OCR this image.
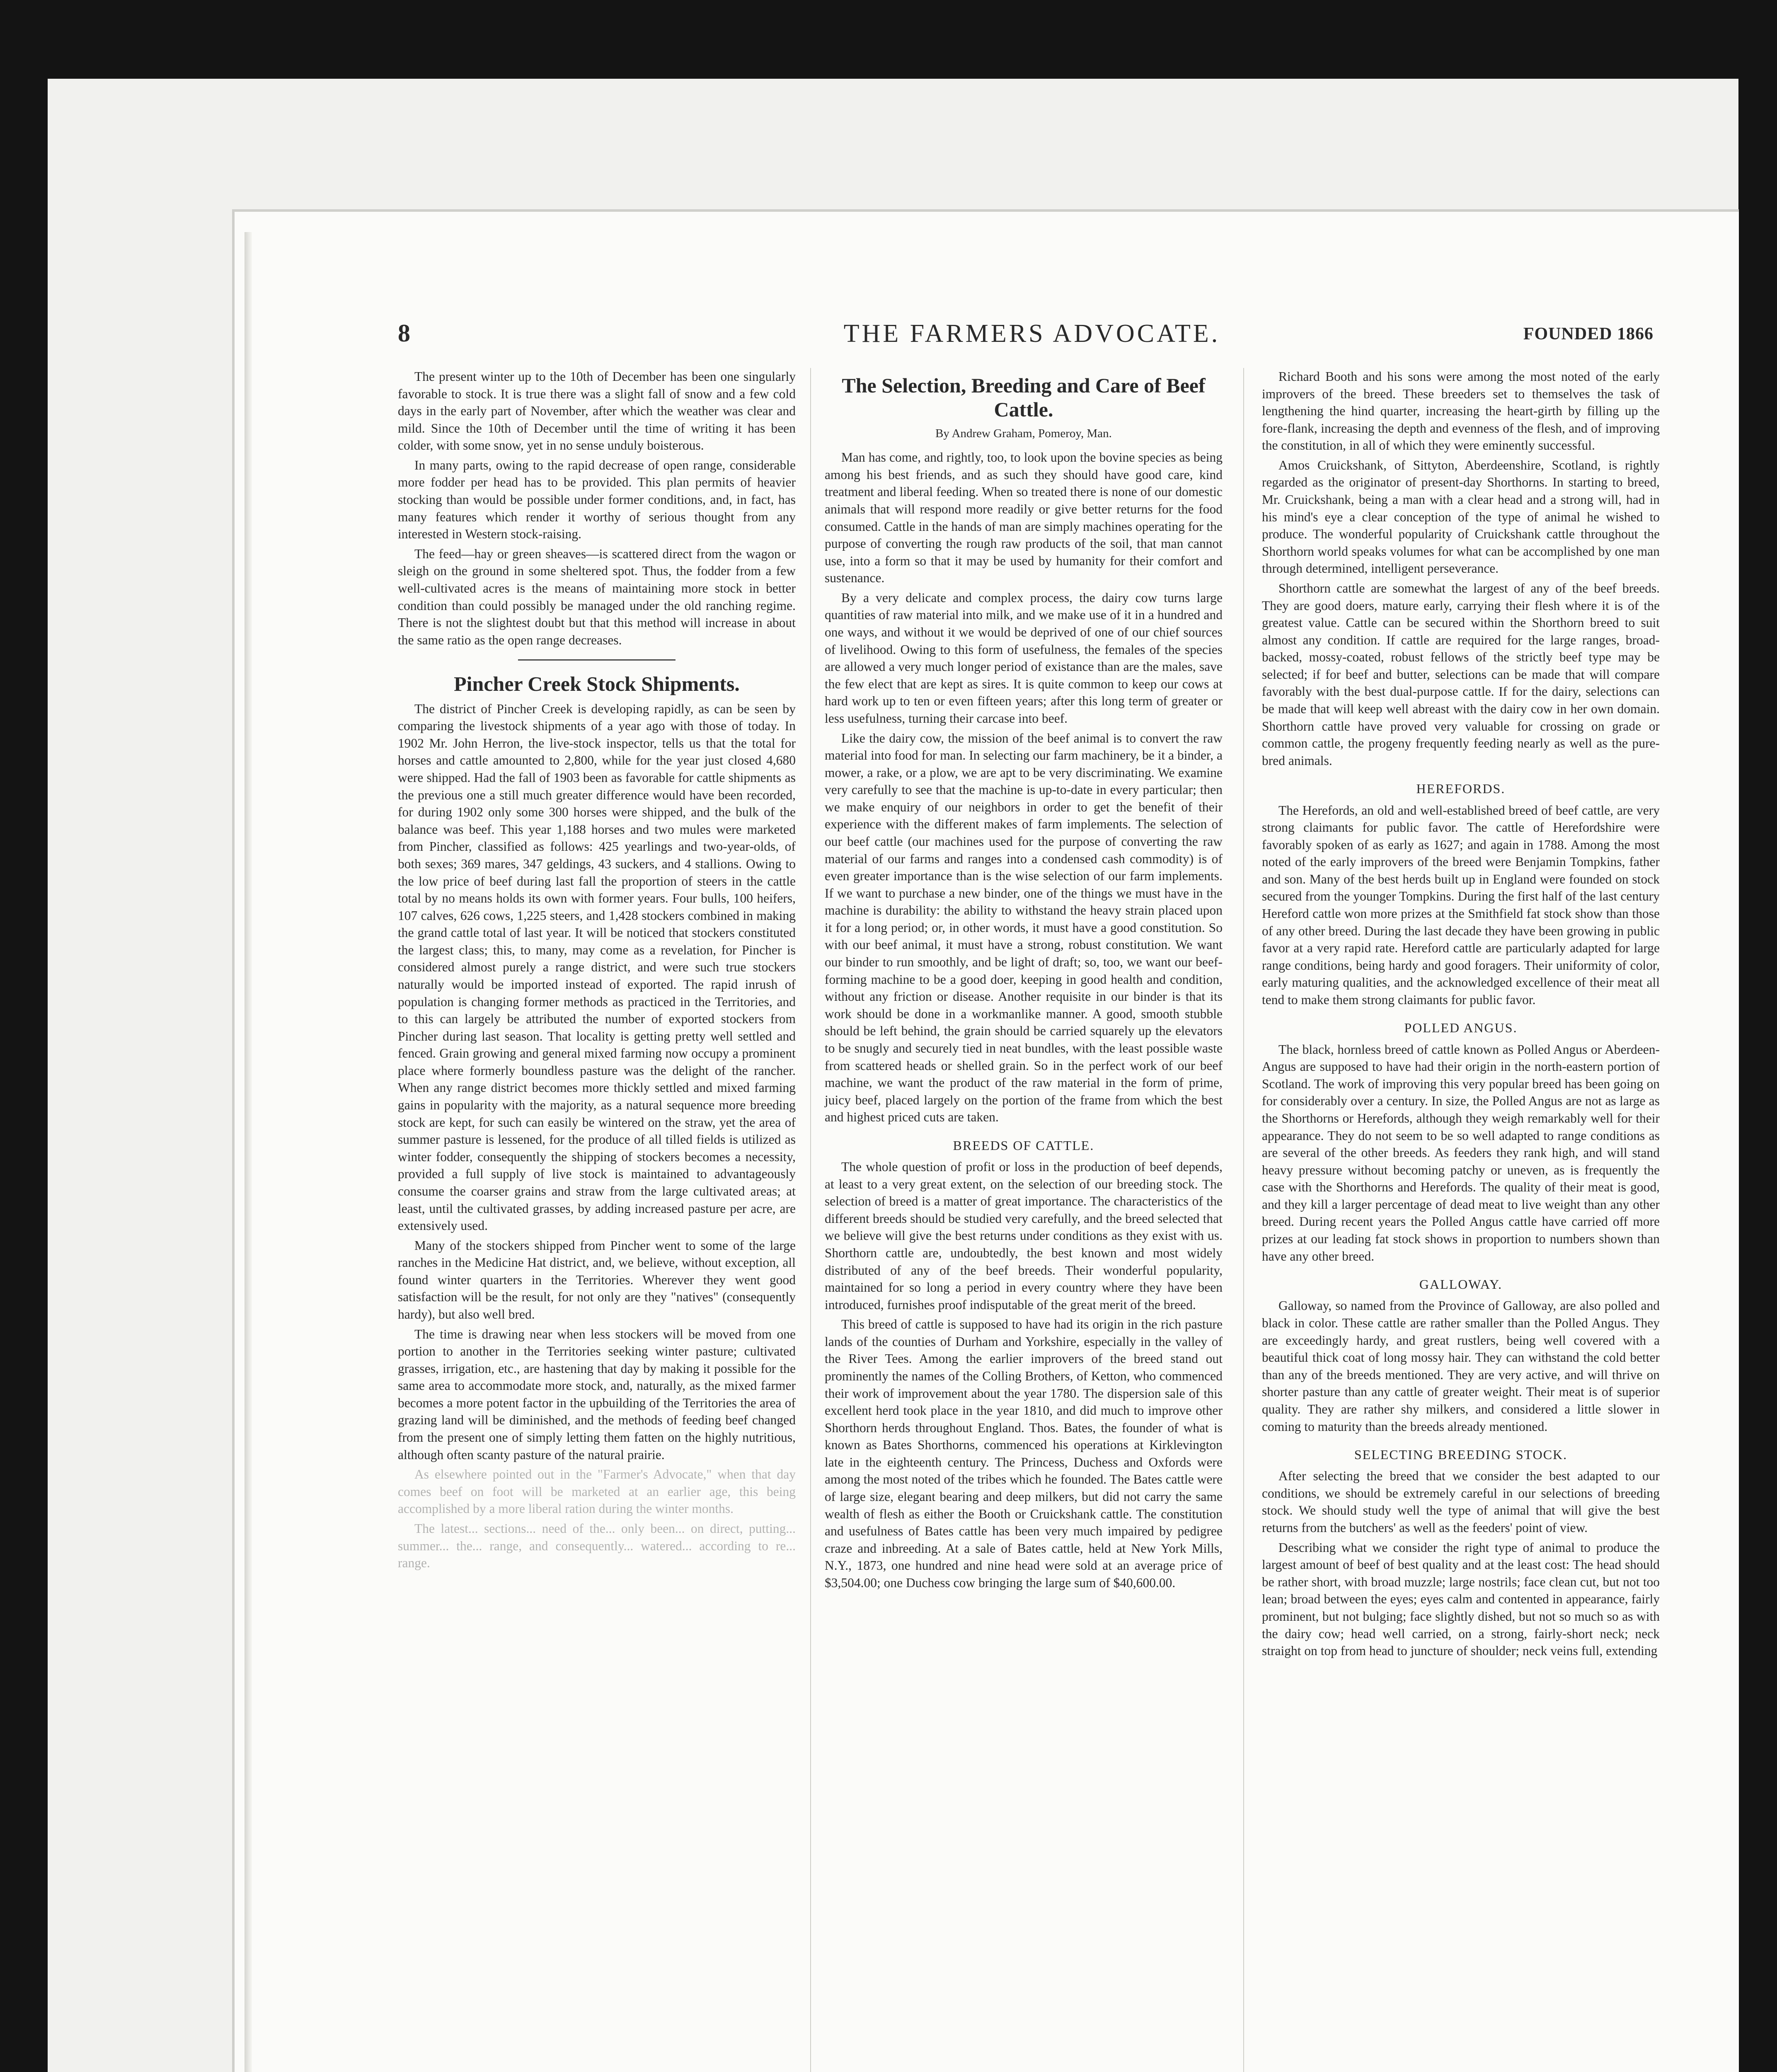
8	THE FARMERS ADVOCATE.	FOUNDED 1866

The present winter up to the 10th of December has been one singularly favorable to stock. It is true there was a slight fall of snow and a few cold days in the early part of November, after which the weather was clear and mild. Since the 10th of December until the time of writing it has been colder, with some snow, yet in no sense unduly boisterous.

In many parts, owing to the rapid decrease of open range, considerable more fodder per head has to be provided. This plan permits of heavier stocking than would be possible under former conditions, and, in fact, has many features which render it worthy of serious thought from any interested in Western stock-raising.

The feed—hay or green sheaves—is scattered direct from the wagon or sleigh on the ground in some sheltered spot. Thus, the fodder from a few well-cultivated acres is the means of maintaining more stock in better condition than could possibly be managed under the old ranching regime. There is not the slightest doubt but that this method will increase in about the same ratio as the open range decreases.

Pincher Creek Stock Shipments.

The district of Pincher Creek is developing rapidly, as can be seen by comparing the livestock shipments of a year ago with those of today. In 1902 Mr. John Herron, the live-stock inspector, tells us that the total for horses and cattle amounted to 2,800, while for the year just closed 4,680 were shipped. Had the fall of 1903 been as favorable for cattle shipments as the previous one a still much greater difference would have been recorded, for during 1902 only some 300 horses were shipped, and the bulk of the balance was beef. This year 1,188 horses and two mules were marketed from Pincher, classified as follows: 425 yearlings and two-year-olds, of both sexes; 369 mares, 347 geldings, 43 suckers, and 4 stallions. Owing to the low price of beef during last fall the proportion of steers in the cattle total by no means holds its own with former years. Four bulls, 100 heifers, 107 calves, 626 cows, 1,225 steers, and 1,428 stockers combined in making the grand cattle total of last year. It will be noticed that stockers constituted the largest class; this, to many, may come as a revelation, for Pincher is considered almost purely a range district, and were such true stockers naturally would be imported instead of exported. The rapid inrush of population is changing former methods as practiced in the Territories, and to this can largely be attributed the number of exported stockers from Pincher during last season. That locality is getting pretty well settled and fenced. Grain growing and general mixed farming now occupy a prominent place where formerly boundless pasture was the delight of the rancher. When any range district becomes more thickly settled and mixed farming gains in popularity with the majority, as a natural sequence more breeding stock are kept, for such can easily be wintered on the straw, yet the area of summer pasture is lessened, for the produce of all tilled fields is utilized as winter fodder, consequently the shipping of stockers becomes a necessity, provided a full supply of live stock is maintained to advantageously consume the coarser grains and straw from the large cultivated areas; at least, until the cultivated grasses, by adding increased pasture per acre, are extensively used.

Many of the stockers shipped from Pincher went to some of the large ranches in the Medicine Hat district, and, we believe, without exception, all found winter quarters in the Territories. Wherever they went good satisfaction will be the result, for not only are they "natives" (consequently hardy), but also well bred.

The time is drawing near when less stockers will be moved from one portion to another in the Territories seeking winter pasture; cultivated grasses, irrigation, etc., are hastening that day by making it possible for the same area to accommodate more stock, and, naturally, as the mixed farmer becomes a more potent factor in the upbuilding of the Territories the area of grazing land will be diminished, and the methods of feeding beef changed from the present one of simply letting them fatten on the highly nutritious, although often scanty pasture of the natural prairie.

As elsewhere pointed out in the "Farmer's Advocate," when that day comes beef on foot will be marketed at an earlier age, this being accomplished by a more liberal ration during the winter months.

The latest... sections... need of the... only been... on direct, putting... summer... the... range, and consequently... watered... according to re... range.

The Selection, Breeding and Care of Beef Cattle.
By Andrew Graham, Pomeroy, Man.

Man has come, and rightly, too, to look upon the bovine species as being among his best friends, and as such they should have good care, kind treatment and liberal feeding. When so treated there is none of our domestic animals that will respond more readily or give better returns for the food consumed. Cattle in the hands of man are simply machines operating for the purpose of converting the rough raw products of the soil, that man cannot use, into a form so that it may be used by humanity for their comfort and sustenance.

By a very delicate and complex process, the dairy cow turns large quantities of raw material into milk, and we make use of it in a hundred and one ways, and without it we would be deprived of one of our chief sources of livelihood. Owing to this form of usefulness, the females of the species are allowed a very much longer period of existance than are the males, save the few elect that are kept as sires. It is quite common to keep our cows at hard work up to ten or even fifteen years; after this long term of greater or less usefulness, turning their carcase into beef.

Like the dairy cow, the mission of the beef animal is to convert the raw material into food for man. In selecting our farm machinery, be it a binder, a mower, a rake, or a plow, we are apt to be very discriminating. We examine very carefully to see that the machine is up-to-date in every particular; then we make enquiry of our neighbors in order to get the benefit of their experience with the different makes of farm implements. The selection of our beef cattle (our machines used for the purpose of converting the raw material of our farms and ranges into a condensed cash commodity) is of even greater importance than is the wise selection of our farm implements. If we want to purchase a new binder, one of the things we must have in the machine is durability: the ability to withstand the heavy strain placed upon it for a long period; or, in other words, it must have a good constitution. So with our beef animal, it must have a strong, robust constitution. We want our binder to run smoothly, and be light of draft; so, too, we want our beef-forming machine to be a good doer, keeping in good health and condition, without any friction or disease. Another requisite in our binder is that its work should be done in a workmanlike manner. A good, smooth stubble should be left behind, the grain should be carried squarely up the elevators to be snugly and securely tied in neat bundles, with the least possible waste from scattered heads or shelled grain. So in the perfect work of our beef machine, we want the product of the raw material in the form of prime, juicy beef, placed largely on the portion of the frame from which the best and highest priced cuts are taken.

BREEDS OF CATTLE.

The whole question of profit or loss in the production of beef depends, at least to a very great extent, on the selection of our breeding stock. The selection of breed is a matter of great importance. The characteristics of the different breeds should be studied very carefully, and the breed selected that we believe will give the best returns under conditions as they exist with us. Shorthorn cattle are, undoubtedly, the best known and most widely distributed of any of the beef breeds. Their wonderful popularity, maintained for so long a period in every country where they have been introduced, furnishes proof indisputable of the great merit of the breed.

This breed of cattle is supposed to have had its origin in the rich pasture lands of the counties of Durham and Yorkshire, especially in the valley of the River Tees. Among the earlier improvers of the breed stand out prominently the names of the Colling Brothers, of Ketton, who commenced their work of improvement about the year 1780. The dispersion sale of this excellent herd took place in the year 1810, and did much to improve other Shorthorn herds throughout England. Thos. Bates, the founder of what is known as Bates Shorthorns, commenced his operations at Kirklevington late in the eighteenth century. The Princess, Duchess and Oxfords were among the most noted of the tribes which he founded. The Bates cattle were of large size, elegant bearing and deep milkers, but did not carry the same wealth of flesh as either the Booth or Cruickshank cattle. The constitution and usefulness of Bates cattle has been very much impaired by pedigree craze and inbreeding. At a sale of Bates cattle, held at New York Mills, N.Y., 1873, one hundred and nine head were sold at an average price of $3,504.00; one Duchess cow bringing the large sum of $40,600.00.

Richard Booth and his sons were among the most noted of the early improvers of the breed. These breeders set to themselves the task of lengthening the hind quarter, increasing the heart-girth by filling up the fore-flank, increasing the depth and evenness of the flesh, and of improving the constitution, in all of which they were eminently successful.

Amos Cruickshank, of Sittyton, Aberdeenshire, Scotland, is rightly regarded as the originator of present-day Shorthorns. In starting to breed, Mr. Cruickshank, being a man with a clear head and a strong will, had in his mind's eye a clear conception of the type of animal he wished to produce. The wonderful popularity of Cruickshank cattle throughout the Shorthorn world speaks volumes for what can be accomplished by one man through determined, intelligent perseverance.

Shorthorn cattle are somewhat the largest of any of the beef breeds. They are good doers, mature early, carrying their flesh where it is of the greatest value. Cattle can be secured within the Shorthorn breed to suit almost any condition. If cattle are required for the large ranges, broad-backed, mossy-coated, robust fellows of the strictly beef type may be selected; if for beef and butter, selections can be made that will compare favorably with the best dual-purpose cattle. If for the dairy, selections can be made that will keep well abreast with the dairy cow in her own domain. Shorthorn cattle have proved very valuable for crossing on grade or common cattle, the progeny frequently feeding nearly as well as the pure-bred animals.

HEREFORDS.

The Herefords, an old and well-established breed of beef cattle, are very strong claimants for public favor. The cattle of Herefordshire were favorably spoken of as early as 1627; and again in 1788. Among the most noted of the early improvers of the breed were Benjamin Tompkins, father and son. Many of the best herds built up in England were founded on stock secured from the younger Tompkins. During the first half of the last century Hereford cattle won more prizes at the Smithfield fat stock show than those of any other breed. During the last decade they have been growing in public favor at a very rapid rate. Hereford cattle are particularly adapted for large range conditions, being hardy and good foragers. Their uniformity of color, early maturing qualities, and the acknowledged excellence of their meat all tend to make them strong claimants for public favor.

POLLED ANGUS.

The black, hornless breed of cattle known as Polled Angus or Aberdeen-Angus are supposed to have had their origin in the north-eastern portion of Scotland. The work of improving this very popular breed has been going on for considerably over a century. In size, the Polled Angus are not as large as the Shorthorns or Herefords, although they weigh remarkably well for their appearance. They do not seem to be so well adapted to range conditions as are several of the other breeds. As feeders they rank high, and will stand heavy pressure without becoming patchy or uneven, as is frequently the case with the Shorthorns and Herefords. The quality of their meat is good, and they kill a larger percentage of dead meat to live weight than any other breed. During recent years the Polled Angus cattle have carried off more prizes at our leading fat stock shows in proportion to numbers shown than have any other breed.

GALLOWAY.

Galloway, so named from the Province of Galloway, are also polled and black in color. These cattle are rather smaller than the Polled Angus. They are exceedingly hardy, and great rustlers, being well covered with a beautiful thick coat of long mossy hair. They can withstand the cold better than any of the breeds mentioned. They are very active, and will thrive on shorter pasture than any cattle of greater weight. Their meat is of superior quality. They are rather shy milkers, and considered a little slower in coming to maturity than the breeds already mentioned.

SELECTING BREEDING STOCK.

After selecting the breed that we consider the best adapted to our conditions, we should be extremely careful in our selections of breeding stock. We should study well the type of animal that will give the best returns from the butchers' as well as the feeders' point of view.

Describing what we consider the right type of animal to produce the largest amount of beef of best quality and at the least cost: The head should be rather short, with broad muzzle; large nostrils; face clean cut, but not too lean; broad between the eyes; eyes calm and contented in appearance, fairly prominent, but not bulging; face slightly dished, but not so much so as with the dairy cow; head well carried, on a strong, fairly-short neck; neck straight on top from head to juncture of shoulder; neck veins full, extending
